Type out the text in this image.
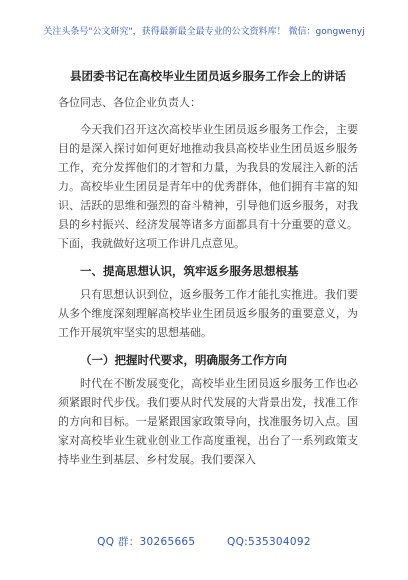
关注头条号"公文研究"，获得最新最全最专业的公文资料库！ 微信：gongwenyj
县团委书记在高校毕业生团员返乡服务工作会上的讲话

各位同志、各位企业负责人：

今天我们召开这次高校毕业生团员返乡服务工作会，主要目的是深入探讨如何更好地推动我县高校毕业生团员返乡服务工作，充分发挥他们的才智和力量，为我县的发展注入新的活力。高校毕业生团员是青年中的优秀群体，他们拥有丰富的知识、活跃的思维和强烈的奋斗精神，引导他们返乡服务，对我县的乡村振兴、经济发展等诸多方面都具有十分重要的意义。下面，我就做好这项工作讲几点意见。

一、提高思想认识，筑牢返乡服务思想根基

只有思想认识到位，返乡服务工作才能扎实推进。我们要从多个维度深刻理解高校毕业生团员返乡服务的重要意义，为工作开展筑牢坚实的思想基础。

（一）把握时代要求，明确服务工作方向

时代在不断发展变化，高校毕业生团员返乡服务工作也必须紧跟时代步伐。我们要从时代发展的大背景出发，找准工作的方向和目标。一是紧跟国家政策导向，找准服务切入点。国家对高校毕业生就业创业工作高度重视，出台了一系列政策支持毕业生到基层、乡村发展。我们要深入

QQ 群：30265665	QQ:535304092
